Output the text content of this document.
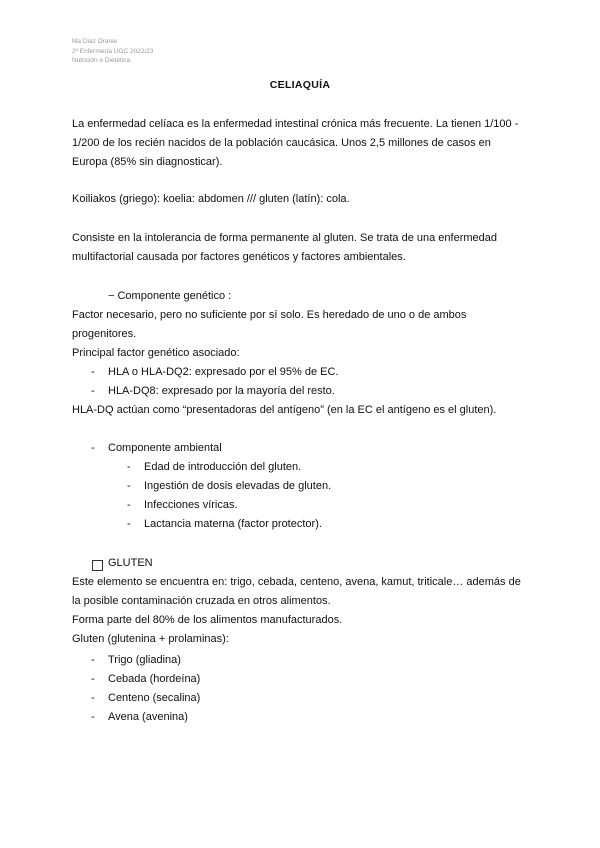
Ma Diaz Oranie
2º Enfermería UGC 2022/23
Nutrición e Dietética
CELIAQUÍA
La enfermedad celíaca es la enfermedad intestinal crónica más frecuente. La tienen 1/100 -
1/200 de los recién nacidos de la población caucásica. Unos 2,5 millones de casos en
Europa (85% sin diagnosticar).
Koiliakos (griego): koelia: abdomen /// gluten (latín): cola.
Consiste en la intolerancia de forma permanente al gluten. Se trata de una enfermedad
multifactorial causada por factores genéticos y factores ambientales.
− Componente genético :
Factor necesario, pero no suficiente por sí solo. Es heredado de uno o de ambos
progenitores.
Principal factor genético asociado:
- HLA o HLA-DQ2: expresado por el 95% de EC.
- HLA-DQ8: expresado por la mayoría del resto.
HLA-DQ actúan como “presentadoras del antígeno” (en la EC el antígeno es el gluten).
- Componente ambiental
- Edad de introducción del gluten.
- Ingestión de dosis elevadas de gluten.
- Infecciones víricas.
- Lactancia materna (factor protector).
GLUTEN
Este elemento se encuentra en: trigo, cebada, centeno, avena, kamut, triticale… además de
la posible contaminación cruzada en otros alimentos.
Forma parte del 80% de los alimentos manufacturados.
Gluten (glutenina + prolaminas):
- Trigo (gliadina)
- Cebada (hordeína)
- Centeno (secalina)
- Avena (avenina)
